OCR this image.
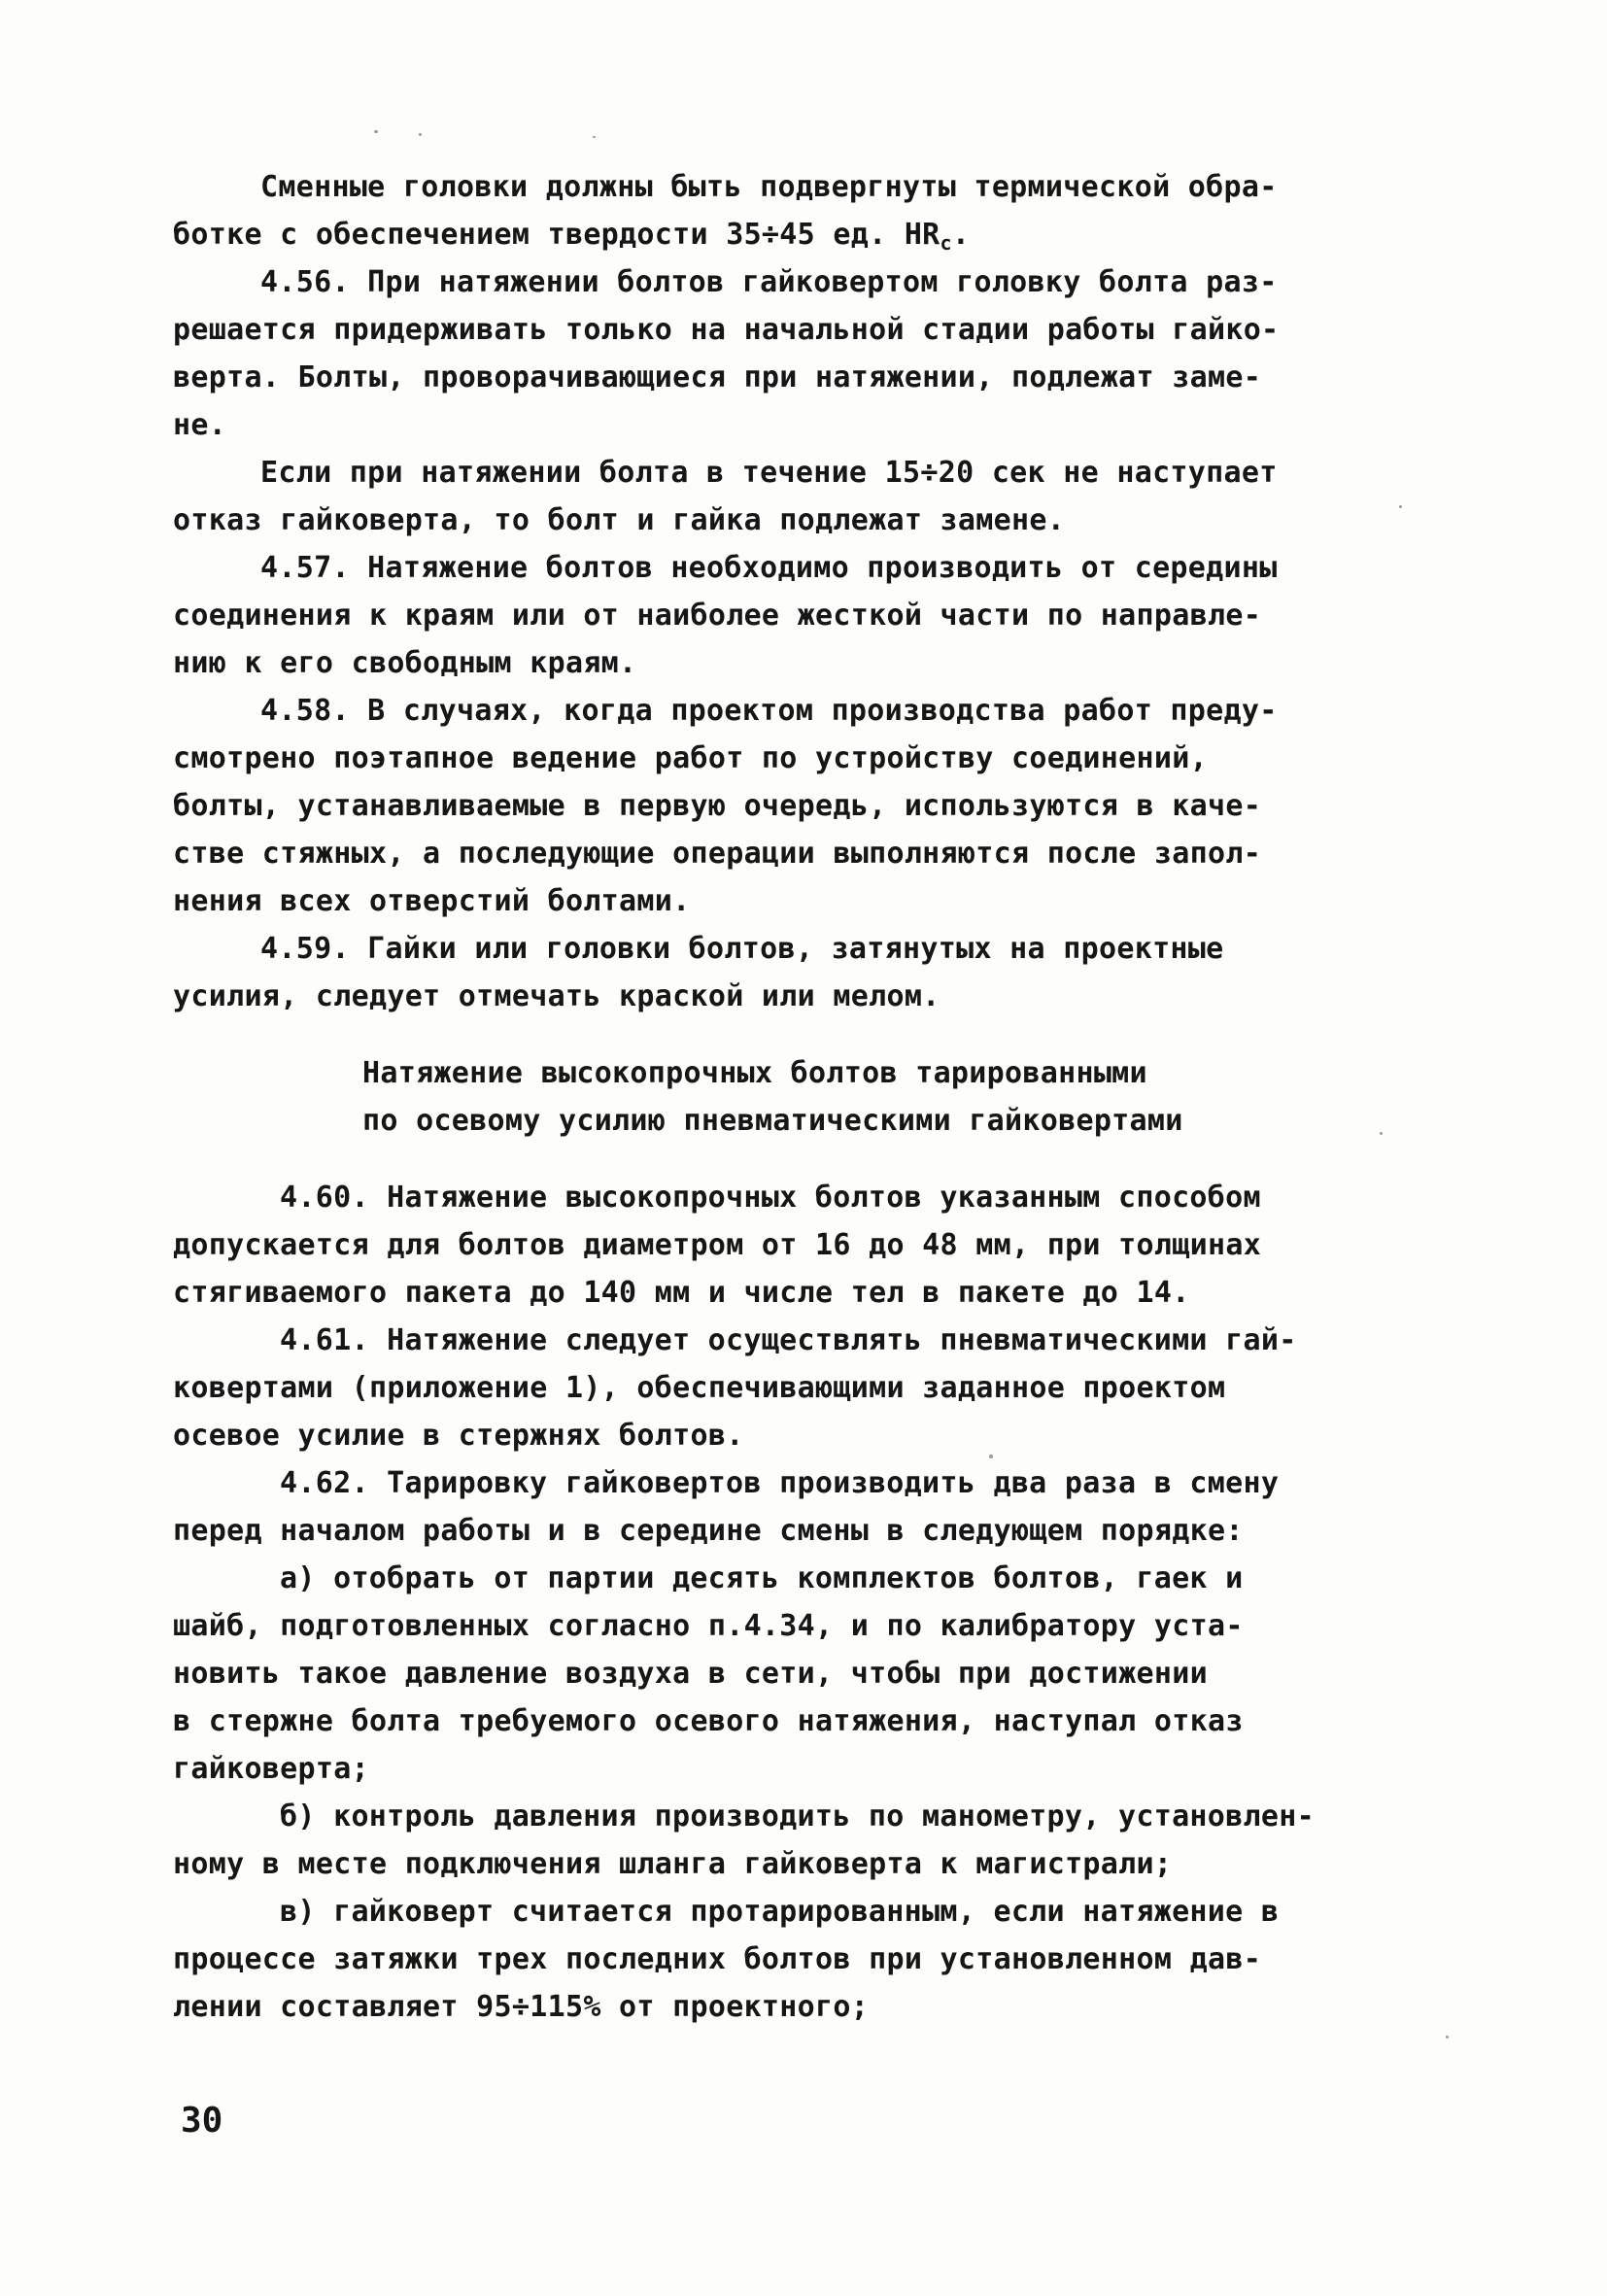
Сменные головки должны быть подвергнуты термической обра-
ботке с обеспечением твердости 35÷45 ед. $HR_c$.
4.56. При натяжении болтов гайковертом головку болта раз-
решается придерживать только на начальной стадии работы гайко-
верта. Болты, проворачивающиеся при натяжении, подлежат заме-
не.
Если при натяжении болта в течение 15÷20 сек не наступает
отказ гайковерта, то болт и гайка подлежат замене.
4.57. Натяжение болтов необходимо производить от середины
соединения к краям или от наиболее жесткой части по направле-
нию к его свободным краям.
4.58. В случаях, когда проектом производства работ преду-
смотрено поэтапное ведение работ по устройству соединений,
болты, устанавливаемые в первую очередь, используются в каче-
стве стяжных, а последующие операции выполняются после запол-
нения всех отверстий болтами.
4.59. Гайки или головки болтов, затянутых на проектные
усилия, следует отмечать краской или мелом.
Натяжение высокопрочных болтов тарированными
по осевому усилию пневматическими гайковертами
4.60. Натяжение высокопрочных болтов указанным способом
допускается для болтов диаметром от 16 до 48 мм, при толщинах
стягиваемого пакета до 140 мм и числе тел в пакете до 14.
4.61. Натяжение следует осуществлять пневматическими гай-
ковертами (приложение 1), обеспечивающими заданное проектом
осевое усилие в стержнях болтов.
4.62. Тарировку гайковертов производить два раза в смену
перед началом работы и в середине смены в следующем порядке:
а) отобрать от партии десять комплектов болтов, гаек и
шайб, подготовленных согласно п.4.34, и по калибратору уста-
новить такое давление воздуха в сети, чтобы при достижении
в стержне болта требуемого осевого натяжения, наступал отказ
гайковерта;
б) контроль давления производить по манометру, установлен-
ному в месте подключения шланга гайковерта к магистрали;
в) гайковерт считается протарированным, если натяжение в
процессе затяжки трех последних болтов при установленном дав-
лении составляет 95÷115% от проектного;
30
